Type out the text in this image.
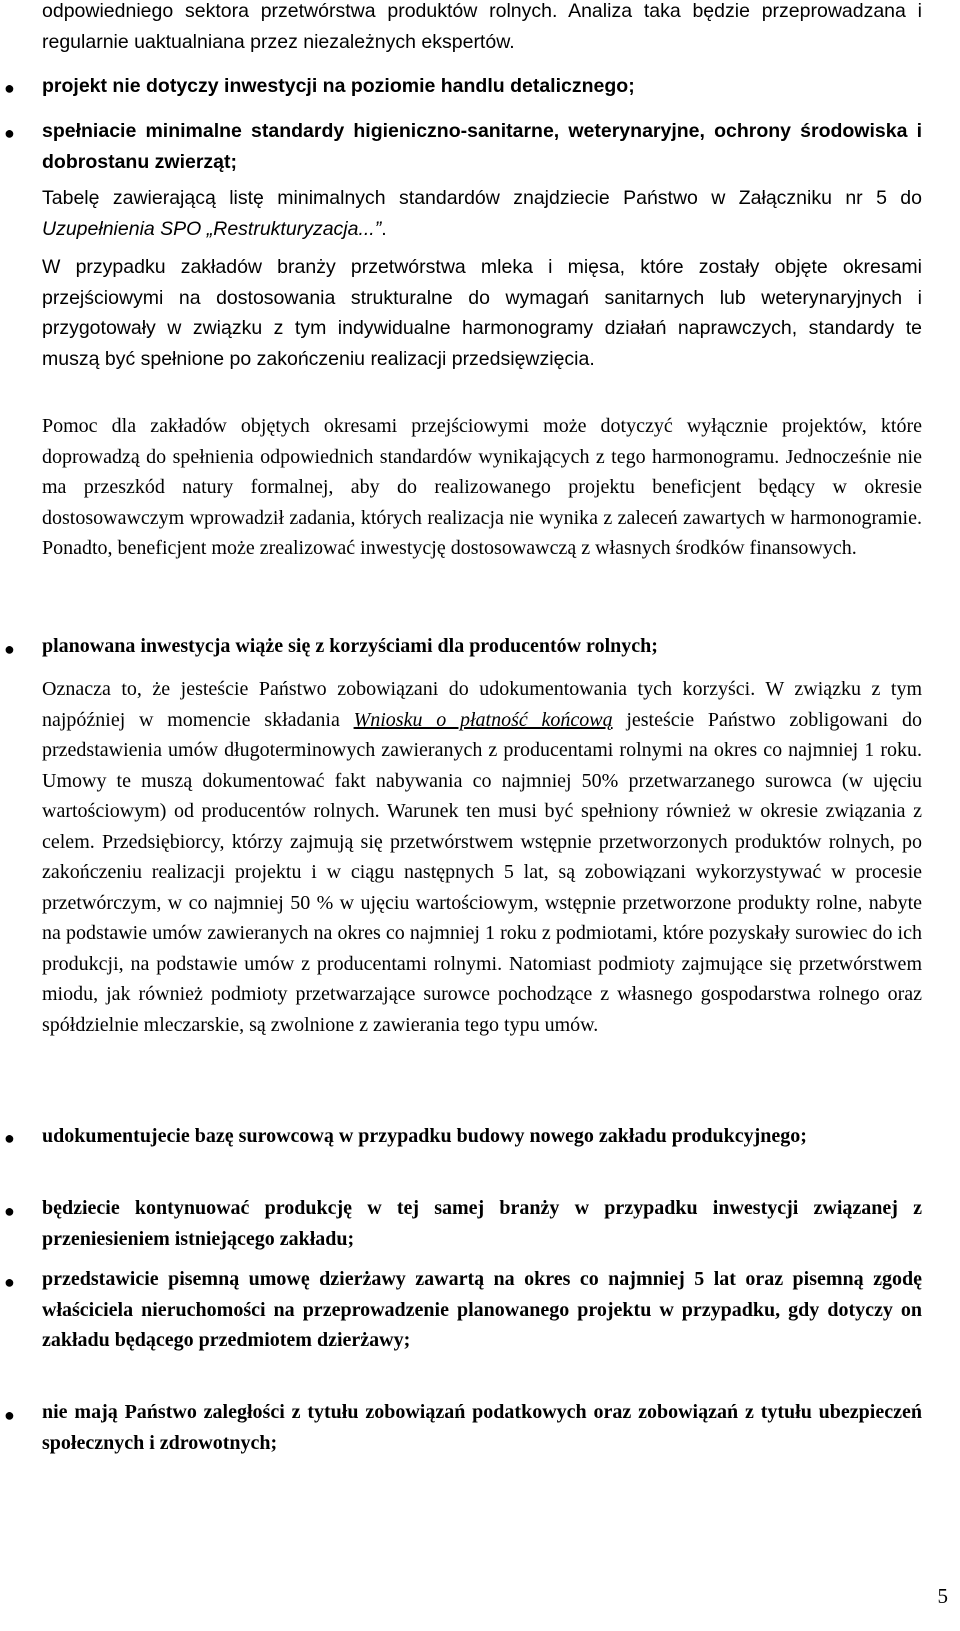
odpowiedniego sektora przetwórstwa produktów rolnych. Analiza taka będzie przeprowadzana i regularnie uaktualniana przez niezależnych ekspertów.
● projekt nie dotyczy inwestycji na poziomie handlu detalicznego;
● spełniacie minimalne standardy higieniczno-sanitarne, weterynaryjne, ochrony środowiska i dobrostanu zwierząt;
Tabelę zawierającą listę minimalnych standardów znajdziecie Państwo w Załączniku nr 5 do Uzupełnienia SPO „Restrukturyzacja...”.
W przypadku zakładów branży przetwórstwa mleka i mięsa, które zostały objęte okresami przejściowymi na dostosowania strukturalne do wymagań sanitarnych lub weterynaryjnych i przygotowały w związku z tym indywidualne harmonogramy działań naprawczych, standardy te muszą być spełnione po zakończeniu realizacji przedsięwzięcia.
Pomoc dla zakładów objętych okresami przejściowymi może dotyczyć wyłącznie projektów, które doprowadzą do spełnienia odpowiednich standardów wynikających z tego harmonogramu. Jednocześnie nie ma przeszkód natury formalnej, aby do realizowanego projektu beneficjent będący w okresie dostosowawczym wprowadził zadania, których realizacja nie wynika z zaleceń zawartych w harmonogramie. Ponadto, beneficjent może zrealizować inwestycję dostosowawczą z własnych środków finansowych.
● planowana inwestycja wiąże się z korzyściami dla producentów rolnych;
Oznacza to, że jesteście Państwo zobowiązani do udokumentowania tych korzyści. W związku z tym najpóźniej w momencie składania Wniosku o płatność końcową jesteście Państwo zobligowani do przedstawienia umów długoterminowych zawieranych z producentami rolnymi na okres co najmniej 1 roku. Umowy te muszą dokumentować fakt nabywania co najmniej 50% przetwarzanego surowca (w ujęciu wartościowym) od producentów rolnych. Warunek ten musi być spełniony również w okresie związania z celem. Przedsiębiorcy, którzy zajmują się przetwórstwem wstępnie przetworzonych produktów rolnych, po zakończeniu realizacji projektu i w ciągu następnych 5 lat, są zobowiązani wykorzystywać w procesie przetwórczym, w co najmniej 50 % w ujęciu wartościowym, wstępnie przetworzone produkty rolne, nabyte na podstawie umów zawieranych na okres co najmniej 1 roku z podmiotami, które pozyskały surowiec do ich produkcji, na podstawie umów z producentami rolnymi. Natomiast podmioty zajmujące się przetwórstwem miodu, jak również podmioty przetwarzające surowce pochodzące z własnego gospodarstwa rolnego oraz spółdzielnie mleczarskie, są zwolnione z zawierania tego typu umów.
● udokumentujecie bazę surowcową w przypadku budowy nowego zakładu produkcyjnego;
● będziecie kontynuować produkcję w tej samej branży w przypadku inwestycji związanej z przeniesieniem istniejącego zakładu;
● przedstawicie pisemną umowę dzierżawy zawartą na okres co najmniej 5 lat oraz pisemną zgodę właściciela nieruchomości na przeprowadzenie planowanego projektu w przypadku, gdy dotyczy on zakładu będącego przedmiotem dzierżawy;
● nie mają Państwo zaległości z tytułu zobowiązań podatkowych oraz zobowiązań z tytułu ubezpieczeń społecznych i zdrowotnych;
5
